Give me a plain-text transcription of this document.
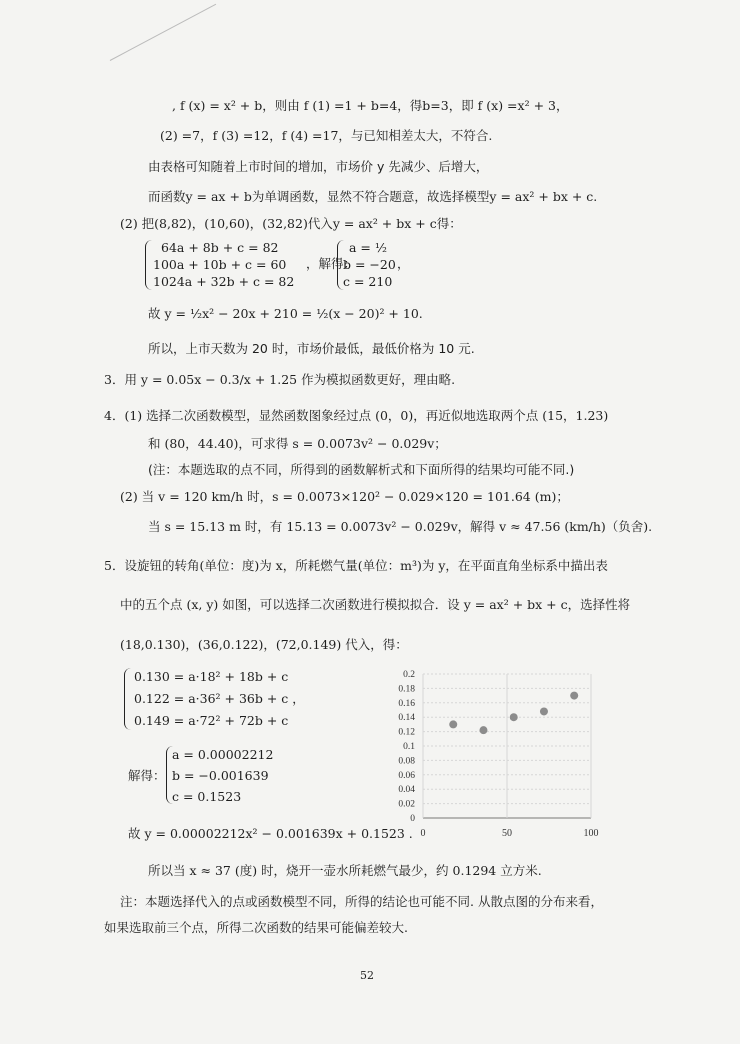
, f (x) = x² + b，则由 f (1) =1 + b=4，得b=3，即 f (x) =x² + 3，
(2) =7，f (3) =12，f (4) =17，与已知相差太大，不符合.
由表格可知随着上市时间的增加，市场价 y 先减少、后增大，
而函数y = ax + b为单调函数，显然不符合题意，故选择模型y = ax² + bx + c.
(2) 把(8,82)，(10,60)，(32,82)代入y = ax² + bx + c得：
64a + 8b + c = 82
100a + 10b + c = 60
1024a + 32b + c = 82
，解得：
a = ½
b = −20
c = 210
，
故 y = ½x² − 20x + 210 = ½(x − 20)² + 10.
所以，上市天数为 20 时，市场价最低，最低价格为 10 元.
3．用 y = 0.05x − 0.3/x + 1.25 作为模拟函数更好，理由略.
4．(1) 选择二次函数模型，显然函数图象经过点 (0，0)，再近似地选取两个点 (15，1.23)
和 (80，44.40)，可求得 s = 0.0073v² − 0.029v；
(注：本题选取的点不同，所得到的函数解析式和下面所得的结果均可能不同.)
(2) 当 v = 120 km/h 时，s = 0.0073×120² − 0.029×120 = 101.64 (m)；
当 s = 15.13 m 时，有 15.13 = 0.0073v² − 0.029v，解得 v ≈ 47.56 (km/h)（负舍).
5．设旋钮的转角(单位：度)为 x，所耗燃气量(单位：m³)为 y，在平面直角坐标系中描出表
中的五个点 (x, y) 如图，可以选择二次函数进行模拟拟合．设 y = ax² + bx + c，选择性将
(18,0.130)，(36,0.122)，(72,0.149) 代入，得：
0.130 = a·18² + 18b + c
0.122 = a·36² + 36b + c ，
0.149 = a·72² + 72b + c
解得：
a = 0.00002212
b = −0.001639
c = 0.1523
故 y = 0.00002212x² − 0.001639x + 0.1523 .
0
0.02
0.04
0.06
0.08
0.1
0.12
0.14
0.16
0.18
0.2
0	50	100
所以当 x ≈ 37 (度) 时，烧开一壶水所耗燃气最少，约 0.1294 立方米.
注：本题选择代入的点或函数模型不同，所得的结论也可能不同. 从散点图的分布来看，
如果选取前三个点，所得二次函数的结果可能偏差较大.
52
